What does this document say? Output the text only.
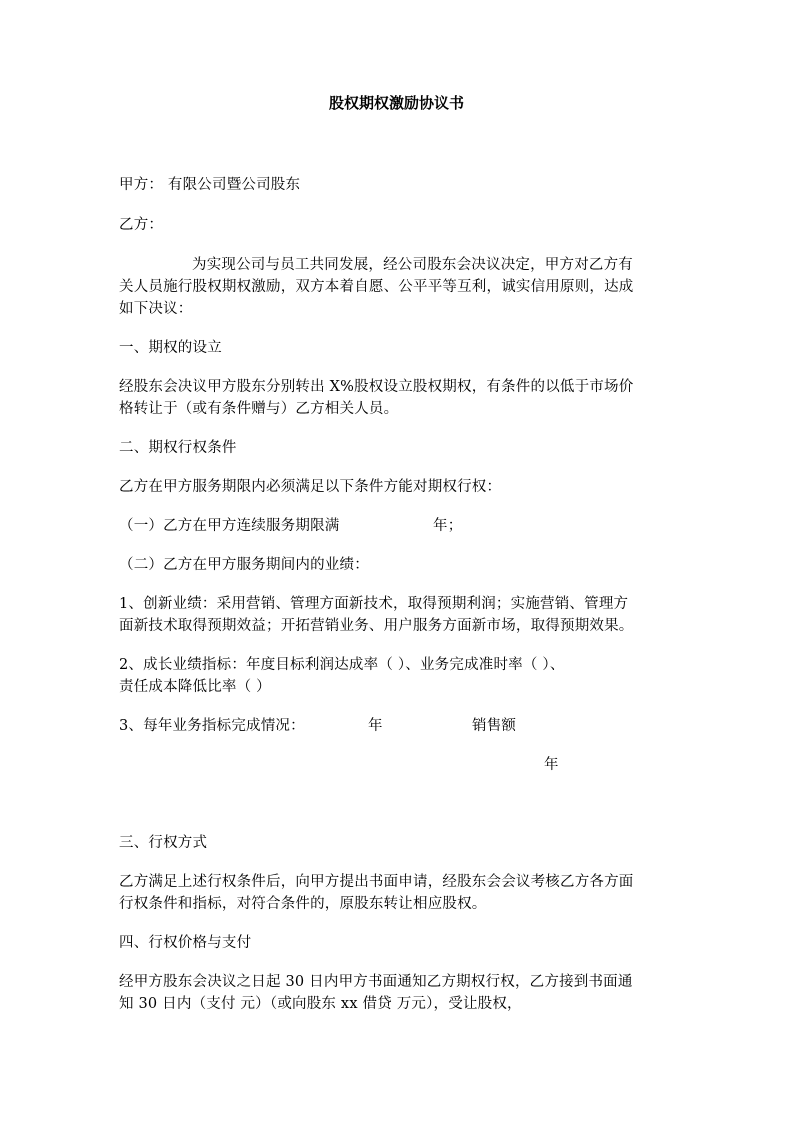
股权期权激励协议书
甲方： 有限公司暨公司股东
乙方：
为实现公司与员工共同发展，经公司股东会决议决定，甲方对乙方有
关人员施行股权期权激励，双方本着自愿、公平平等互利，诚实信用原则，达成
如下决议：
一、期权的设立
经股东会决议甲方股东分别转出 X%股权设立股权期权，有条件的以低于市场价
格转让于（或有条件赠与）乙方相关人员。
二、期权行权条件
乙方在甲方服务期限内必须满足以下条件方能对期权行权：
（一）乙方在甲方连续服务期限满	年；
（二）乙方在甲方服务期间内的业绩：
1、创新业绩：采用营销、管理方面新技术，取得预期利润；实施营销、管理方
面新技术取得预期效益；开拓营销业务、用户服务方面新市场，取得预期效果。
2、成长业绩指标：年度目标利润达成率（ ）、业务完成准时率（ ）、
责任成本降低比率（ ）
3、每年业务指标完成情况：	年	销售额
年
三、行权方式
乙方满足上述行权条件后，向甲方提出书面申请，经股东会会议考核乙方各方面
行权条件和指标，对符合条件的，原股东转让相应股权。
四、行权价格与支付
经甲方股东会决议之日起 30 日内甲方书面通知乙方期权行权，乙方接到书面通
知 30 日内（支付 元）（或向股东 xx 借贷 万元），受让股权，
